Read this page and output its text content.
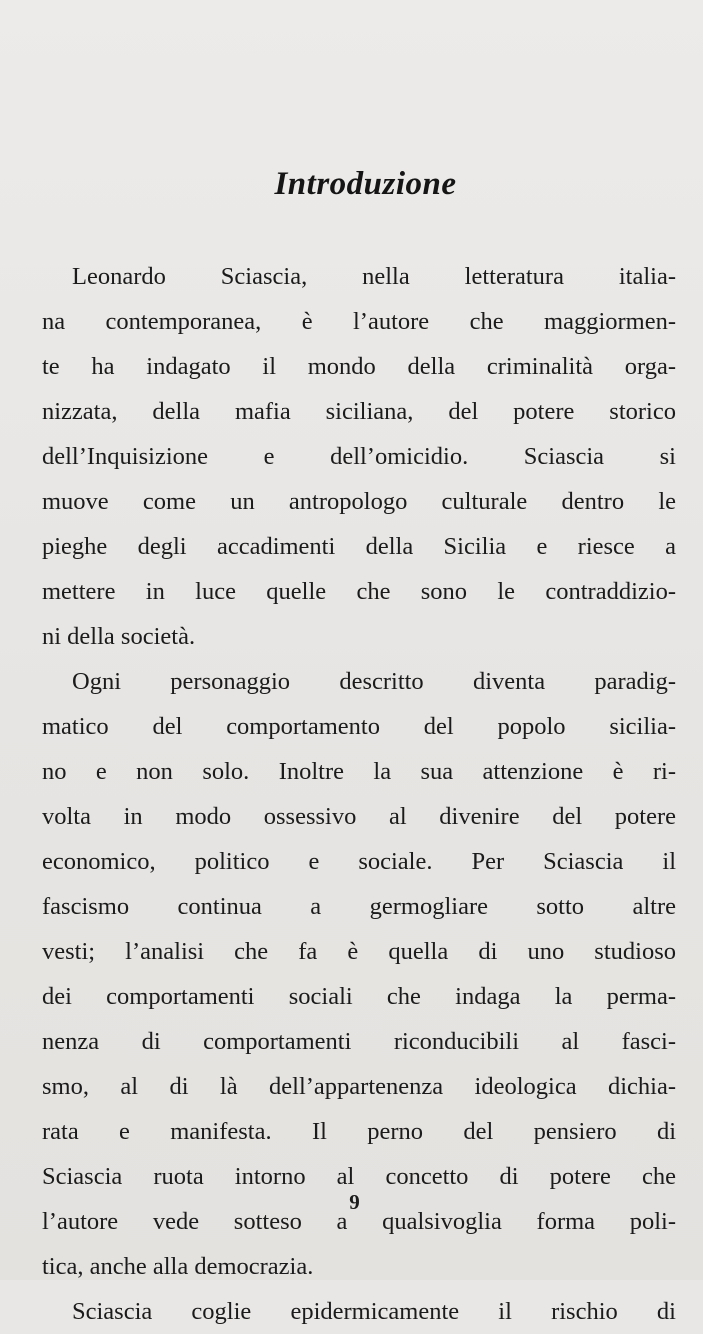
Introduzione
Leonardo Sciascia, nella letteratura italia-
na contemporanea, è l’autore che maggiormen-
te ha indagato il mondo della criminalità orga-
nizzata, della mafia siciliana, del potere storico
dell’Inquisizione e dell’omicidio. Sciascia si
muove come un antropologo culturale dentro le
pieghe degli accadimenti della Sicilia e riesce a
mettere in luce quelle che sono le contraddizio-
ni della società.
Ogni personaggio descritto diventa paradig-
matico del comportamento del popolo sicilia-
no e non solo. Inoltre la sua attenzione è ri-
volta in modo ossessivo al divenire del potere
economico, politico e sociale. Per Sciascia il
fascismo continua a germogliare sotto altre
vesti; l’analisi che fa è quella di uno studioso
dei comportamenti sociali che indaga la perma-
nenza di comportamenti riconducibili al fasci-
smo, al di là dell’appartenenza ideologica dichia-
rata e manifesta. Il perno del pensiero di
Sciascia ruota intorno al concetto di potere che
l’autore vede sotteso a qualsivoglia forma poli-
tica, anche alla democrazia.
Sciascia coglie epidermicamente il rischio di
9
